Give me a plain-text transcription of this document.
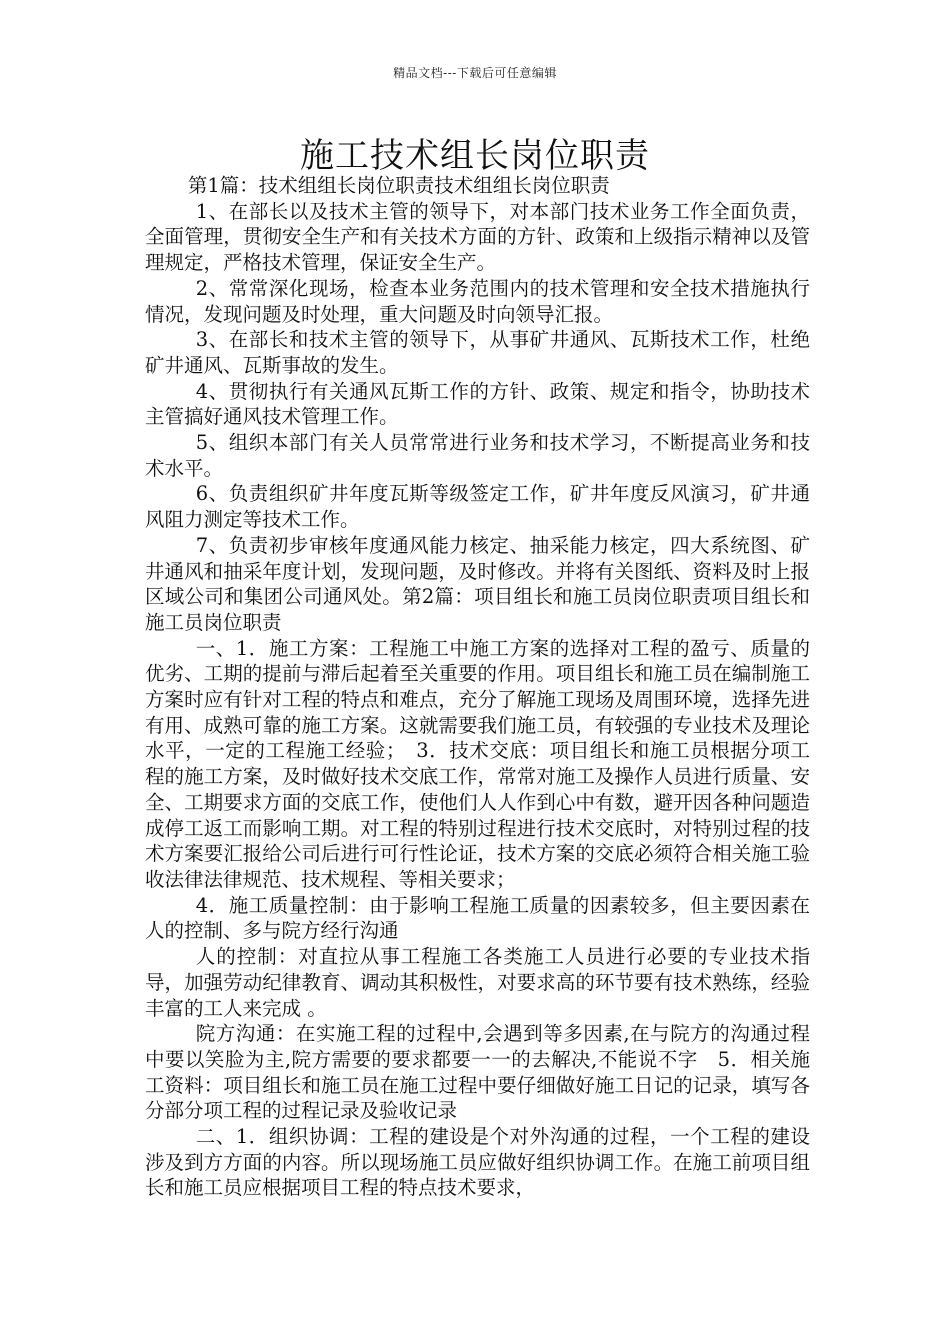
精品文档---下载后可任意编辑
施工技术组长岗位职责

第1篇：技术组组长岗位职责技术组组长岗位职责

1、在部长以及技术主管的领导下，对本部门技术业务工作全面负责，全面管理，贯彻安全生产和有关技术方面的方针、政策和上级指示精神以及管理规定，严格技术管理，保证安全生产。

2、常常深化现场，检查本业务范围内的技术管理和安全技术措施执行情况，发现问题及时处理，重大问题及时向领导汇报。

3、在部长和技术主管的领导下，从事矿井通风、瓦斯技术工作，杜绝矿井通风、瓦斯事故的发生。

4、贯彻执行有关通风瓦斯工作的方针、政策、规定和指令，协助技术主管搞好通风技术管理工作。

5、组织本部门有关人员常常进行业务和技术学习，不断提高业务和技术水平。

6、负责组织矿井年度瓦斯等级签定工作，矿井年度反风演习，矿井通风阻力测定等技术工作。

7、负责初步审核年度通风能力核定、抽采能力核定，四大系统图、矿井通风和抽采年度计划，发现问题，及时修改。并将有关图纸、资料及时上报区域公司和集团公司通风处。第2篇：项目组长和施工员岗位职责项目组长和施工员岗位职责

一、1．施工方案：工程施工中施工方案的选择对工程的盈亏、质量的优劣、工期的提前与滞后起着至关重要的作用。项目组长和施工员在编制施工方案时应有针对工程的特点和难点，充分了解施工现场及周围环境，选择先进有用、成熟可靠的施工方案。这就需要我们施工员，有较强的专业技术及理论水平，一定的工程施工经验；　3．技术交底：项目组长和施工员根据分项工程的施工方案，及时做好技术交底工作，常常对施工及操作人员进行质量、安全、工期要求方面的交底工作，使他们人人作到心中有数，避开因各种问题造成停工返工而影响工期。对工程的特别过程进行技术交底时，对特别过程的技术方案要汇报给公司后进行可行性论证，技术方案的交底必须符合相关施工验收法律法律规范、技术规程、等相关要求；

4．施工质量控制：由于影响工程施工质量的因素较多，但主要因素在人的控制、多与院方经行沟通

人的控制：对直拉从事工程施工各类施工人员进行必要的专业技术指导，加强劳动纪律教育、调动其积极性，对要求高的环节要有技术熟练，经验丰富的工人来完成 。

院方沟通：在实施工程的过程中,会遇到等多因素,在与院方的沟通过程中要以笑脸为主,院方需要的要求都要一一的去解决,不能说不字　5．相关施工资料：项目组长和施工员在施工过程中要仔细做好施工日记的记录，填写各分部分项工程的过程记录及验收记录

二、1．组织协调：工程的建设是个对外沟通的过程，一个工程的建设涉及到方方面的内容。所以现场施工员应做好组织协调工作。在施工前项目组长和施工员应根据项目工程的特点技术要求，
